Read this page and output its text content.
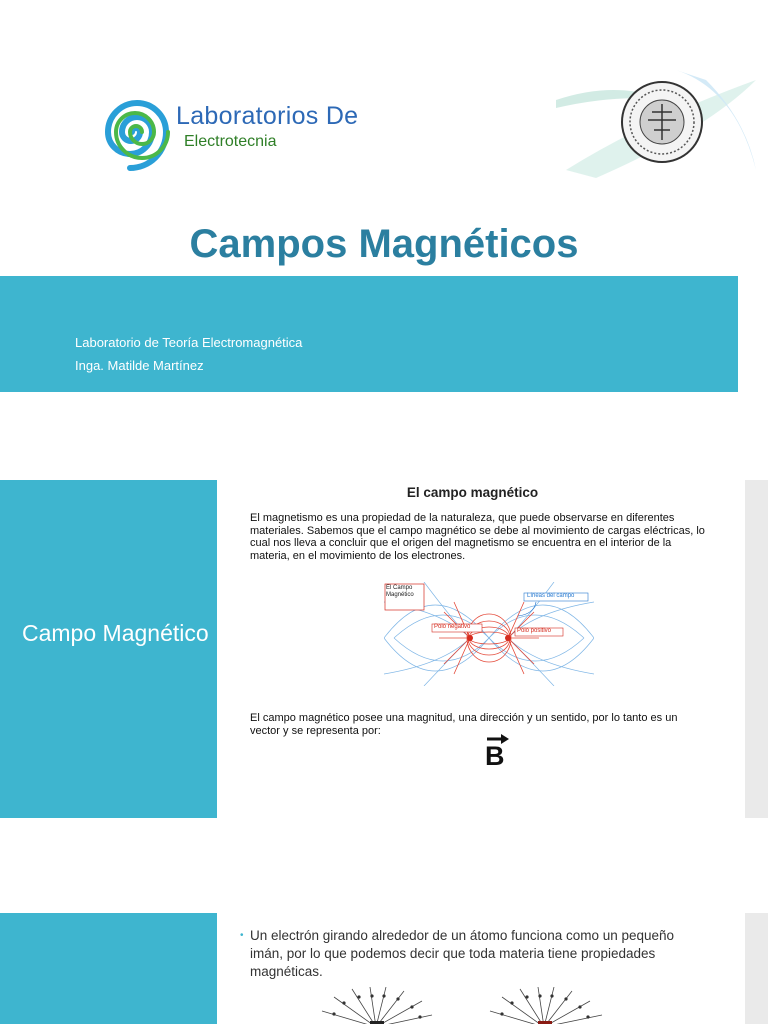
Laboratorios De
Electrotecnia
Campos Magnéticos
Laboratorio de Teoría Electromagnética
Inga. Matilde Martínez
Campo Magnético
El campo magnético

El magnetismo es una propiedad de la naturaleza, que puede observarse en diferentes materiales. Sabemos que el campo magnético se debe al movimiento de cargas eléctricas, lo cual nos lleva a concluir que el origen del magnetismo se encuentra en el interior de la materia, en el movimiento de los electrones.

El Campo Magnético	Líneas del campo
Polo negativo
Polo positivo

El campo magnético posee una magnitud, una dirección y un sentido, por lo tanto es un vector y se representa por:

B
• Un electrón girando alrededor de un átomo funciona como un pequeño imán, por lo que podemos decir que toda materia tiene propiedades magnéticas.
